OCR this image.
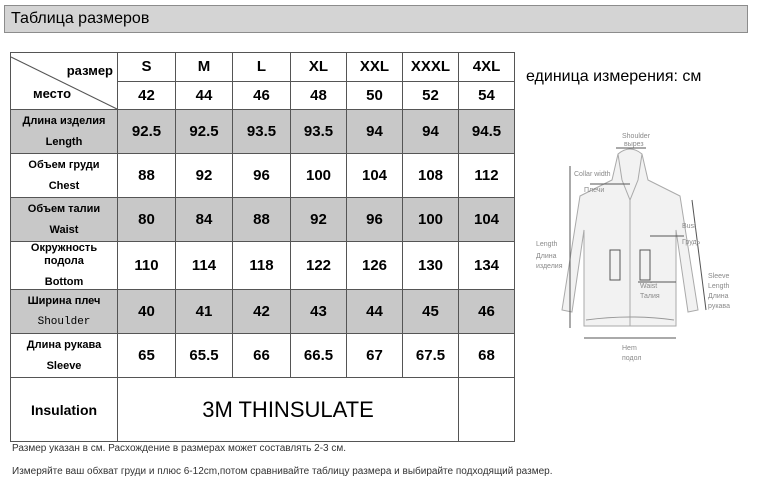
Таблица размеров
размер
место	S	M	L	XL	XXL	XXXL	4XL
	42	44	46	48	50	52	54

Длина изделия
Length	92.5	92.5	93.5	93.5	94	94	94.5

Объем груди
Chest	88	92	96	100	104	108	112

Объем талии
Waist	80	84	88	92	96	100	104

Окружность подола
Bottom	110	114	118	122	126	130	134

Ширина плеч
Shoulder	40	41	42	43	44	45	46

Длина рукава
Sleeve	65	65.5	66	66.5	67	67.5	68
Insulation	3M THINSULATE						
единица измерения: см
Shoulder
вырез
Collar width
Плечи
Bust
Грудь
Length
Длина
изделия
Sleeve
Length
Длина
рукава
Waist
Талия
Hem
подол
Размер указан в см. Расхождение в размерах может составлять 2-3 см.
Измеряйте ваш обхват груди и плюс 6-12cm,потом сравнивайте таблицу размера и выбирайте подходящий размер.
